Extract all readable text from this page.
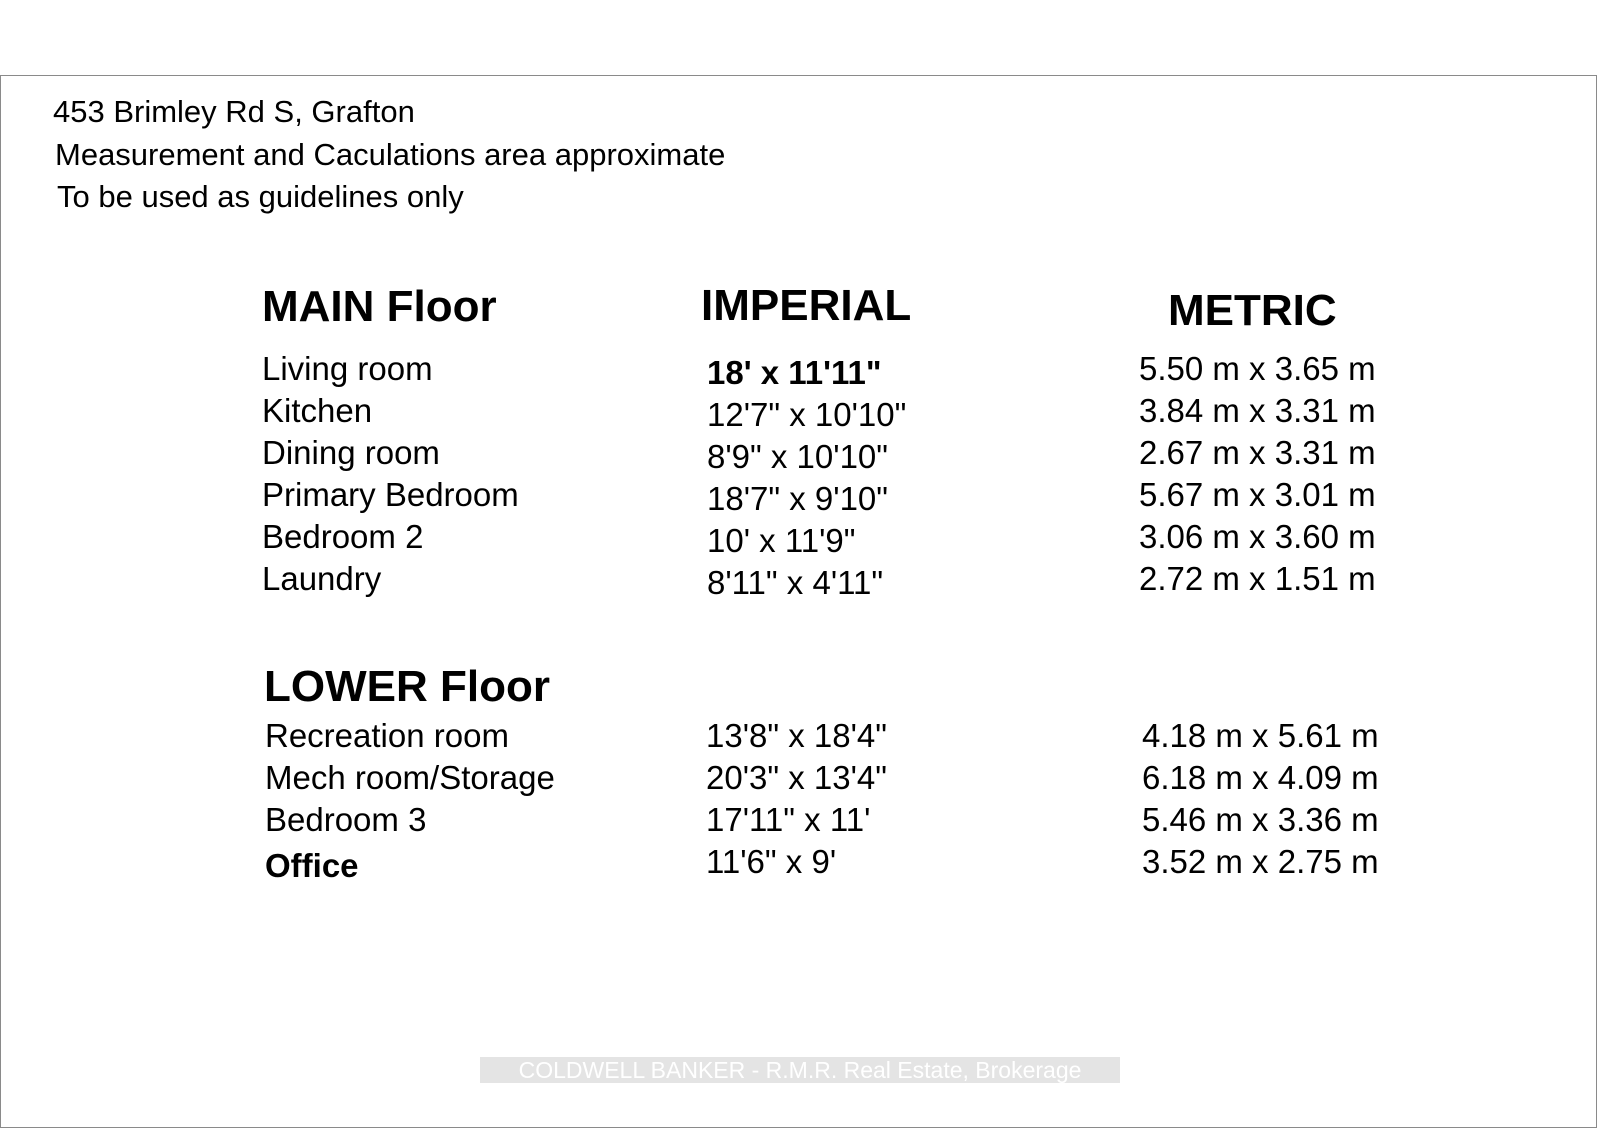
453 Brimley Rd S, Grafton
Measurement and Caculations area approximate
To be used as guidelines only
MAIN Floor	IMPERIAL	METRIC
Living room	18' x 11'11"	5.50 m x 3.65 m
Kitchen	12'7" x 10'10"	3.84 m x 3.31 m
Dining room	8'9" x 10'10"	2.67 m x 3.31 m
Primary Bedroom	18'7" x 9'10"	5.67 m x 3.01 m
Bedroom 2	10' x 11'9"	3.06 m x 3.60 m
Laundry	8'11" x 4'11"	2.72 m x 1.51 m
LOWER Floor
Recreation room	13'8" x 18'4"	4.18 m x 5.61 m
Mech room/Storage	20'3" x 13'4"	6.18 m x 4.09 m
Bedroom 3	17'11" x 11'	5.46 m x 3.36 m
Office	11'6" x 9'	3.52 m x 2.75 m
COLDWELL BANKER - R.M.R. Real Estate, Brokerage
